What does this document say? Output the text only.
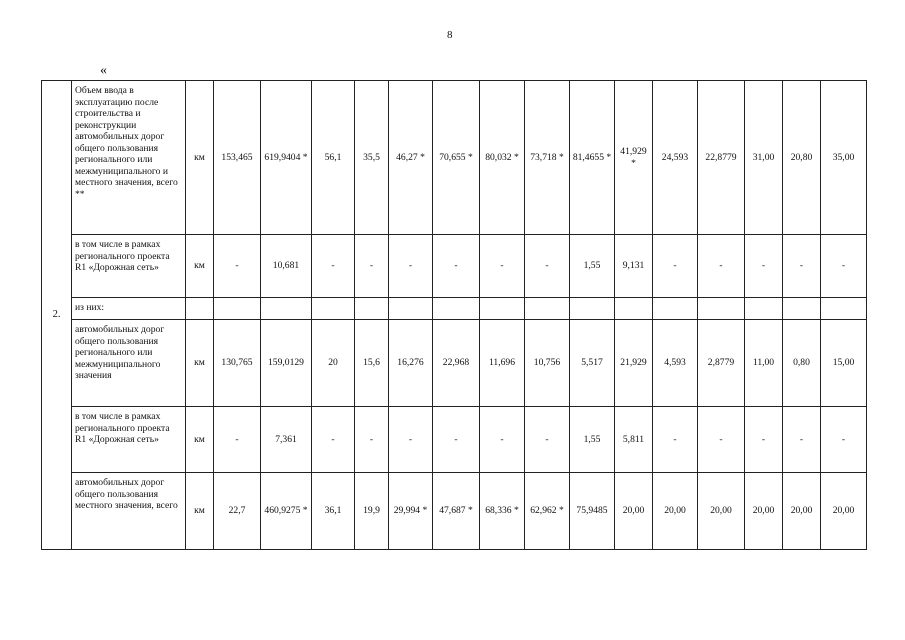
8
«
2.	Объем ввода в эксплуатацию после строительства и реконструкции автомобильных дорог общего пользования регионального или межмуниципального и местного значения, всего **	км	153,465	619,9404 *	56,1	35,5	46,27 *	70,655 *	80,032 *	73,718 *	81,4655 *	41,929 *	24,593	22,8779	31,00	20,80	35,00
	в том числе в рамках регионального проекта R1 «Дорожная сеть»	км	-	10,681	-	-	-	-	-	-	1,55	9,131	-	-	-	-	-
	из них:																
	автомобильных дорог общего пользования регионального или межмуниципального значения	км	130,765	159,0129	20	15,6	16,276	22,968	11,696	10,756	5,517	21,929	4,593	2,8779	11,00	0,80	15,00
	в том числе в рамках регионального проекта R1 «Дорожная сеть»	км	-	7,361	-	-	-	-	-	-	1,55	5,811	-	-	-	-	-
	автомобильных дорог общего пользования местного значения, всего	км	22,7	460,9275 *	36,1	19,9	29,994 *	47,687 *	68,336 *	62,962 *	75,9485	20,00	20,00	20,00	20,00	20,00	20,00
